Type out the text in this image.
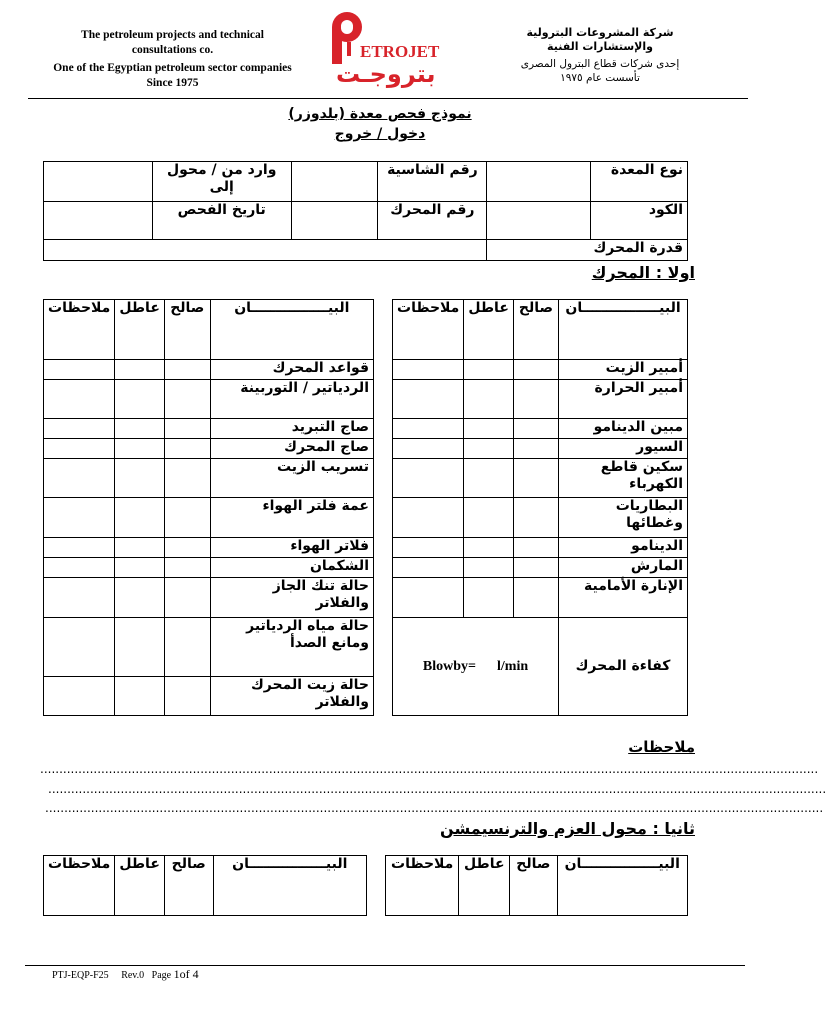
The petroleum projects and technical
consultations co.
One of the Egyptian petroleum sector companies
Since 1975
ETROJET
بتروجـت
شركة المشروعات البترولية
والإستشارات الفنية
إحدى شركات قطاع البترول المصرى
تأسست عام ١٩٧٥
نموذج فحص معدة (بلدوزر)
دخول / خروج
نوع المعدة		رقم الشاسية		وارد من / محول إلى	
الكود		رقم المحرك		تاريخ الفحص	
قدرة المحرك					
اولا : المحرك
البيــــــــــــــــان	صالح	عاطل	ملاحظات
أمبير الزيت			
أمبير الحرارة			
مبين الدينامو			
السيور			
سكين قاطع الكهرباء			
البطاريات وغطائها			
الدينامو			
المارش			
الإنارة الأمامية			
كفاءة المحرك	Blowby=      l/min		
البيــــــــــــــــان	صالح	عاطل	ملاحظات
قواعد المحرك			
الردياتير / التوربينة			
صاج التبريد			
صاج المحرك			
تسريب الزيت			
عمة فلتر الهواء			
فلاتر الهواء			
الشكمان			
حالة تنك الجاز والفلاتر			
حالة مياه الردياتير ومانع الصدأ			
حالة زيت المحرك والفلاتر			
ملاحظات
............................................................................................................................................................................................................
............................................................................................................................................................................................................
............................................................................................................................................................................................................
ثانيا : محول العزم والترنسيمشن
البيــــــــــــــــان	صالح	عاطل	ملاحظات
البيــــــــــــــــان	صالح	عاطل	ملاحظات
PTJ-EQP-F25 Rev.0 Page 1of 4
